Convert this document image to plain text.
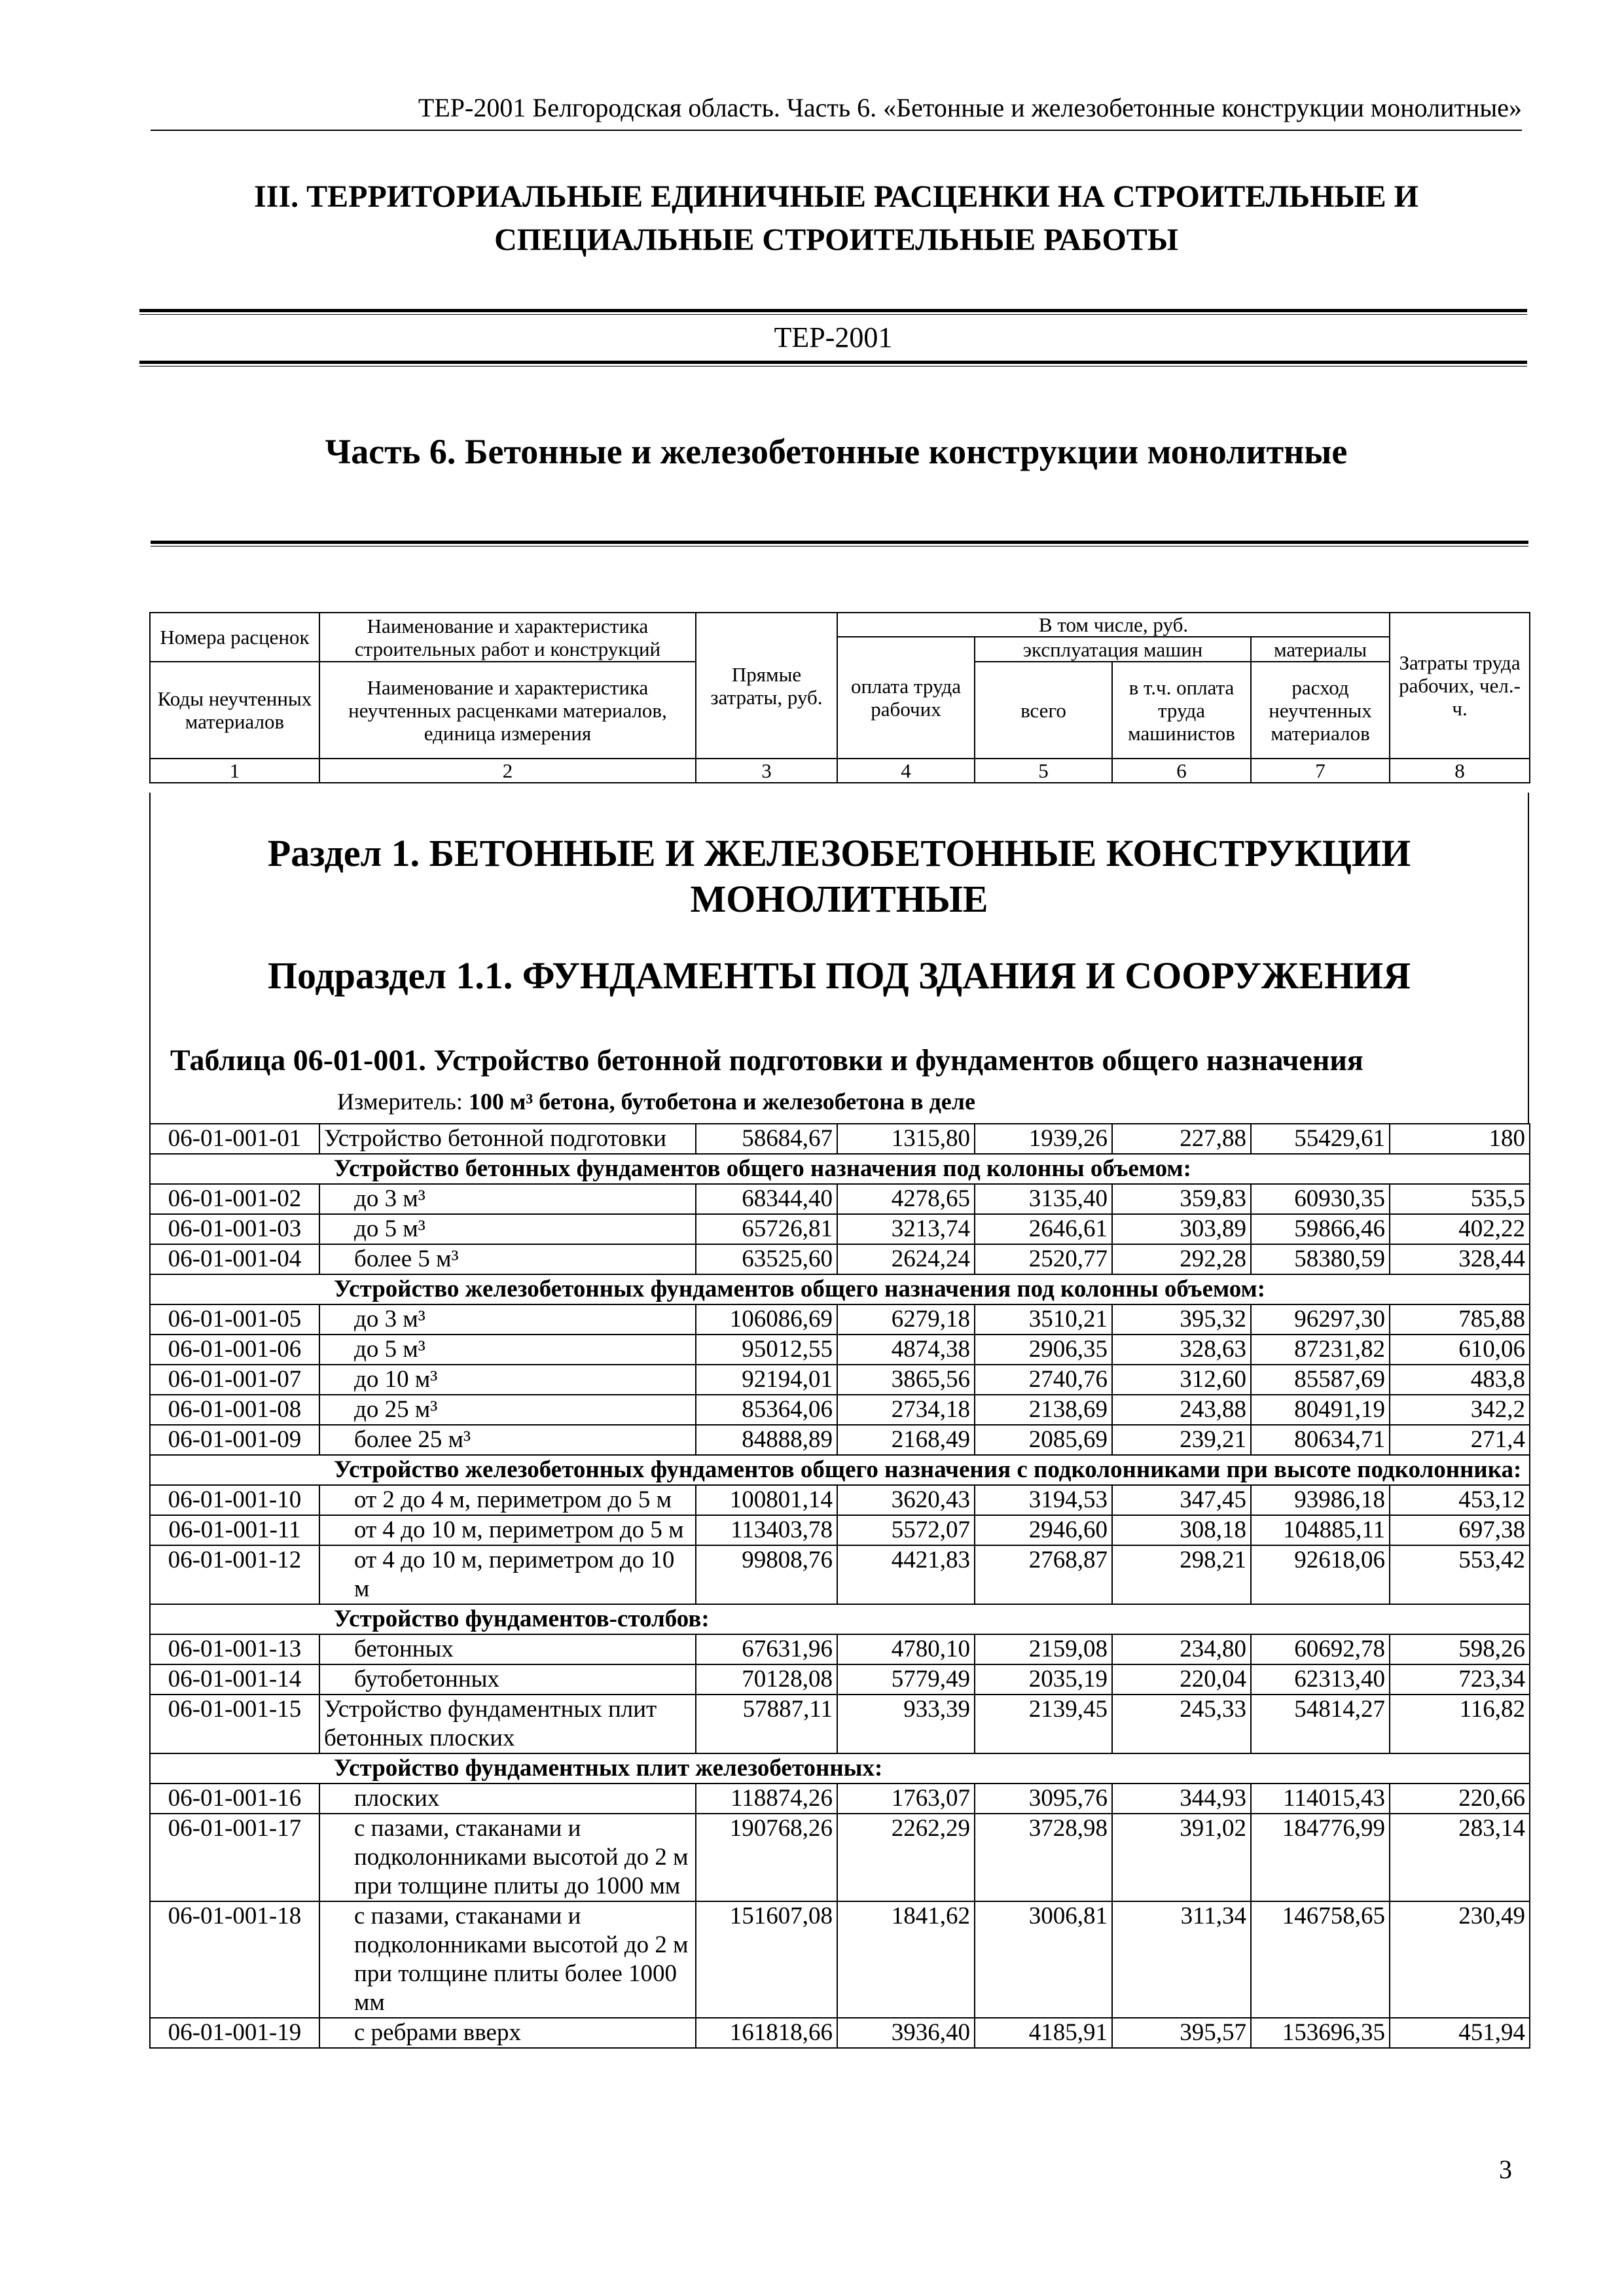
ТЕР-2001 Белгородская область. Часть 6. «Бетонные и железобетонные конструкции монолитные»
III. ТЕРРИТОРИАЛЬНЫЕ ЕДИНИЧНЫЕ РАСЦЕНКИ НА СТРОИТЕЛЬНЫЕ И
СПЕЦИАЛЬНЫЕ СТРОИТЕЛЬНЫЕ РАБОТЫ
ТЕР-2001
Часть 6. Бетонные и железобетонные конструкции монолитные
Номера расценок	Наименование и характеристика строительных работ и конструкций	Прямые затраты, руб.	В том числе, руб.				Затраты труда рабочих, чел.-ч.
			оплата труда рабочих	эксплуатация машин		материалы	
Коды неучтенных материалов	Наименование и характеристика неучтенных расценками материалов, единица измерения			всего	в т.ч. оплата труда машинистов	расход неучтенных материалов	

1	2	3	4	5	6	7	8
Раздел 1. БЕТОННЫЕ И ЖЕЛЕЗОБЕТОННЫЕ КОНСТРУКЦИИ
МОНОЛИТНЫЕ
Подраздел 1.1. ФУНДАМЕНТЫ ПОД ЗДАНИЯ И СООРУЖЕНИЯ
Таблица 06-01-001. Устройство бетонной подготовки и фундаментов общего назначения
Измеритель: 100 м³ бетона, бутобетона и железобетона в деле
06-01-001-01	Устройство бетонной подготовки	58684,67	1315,80	1939,26	227,88	55429,61	180
Устройство бетонных фундаментов общего назначения под колонны объемом:							
06-01-001-02	до 3 м³	68344,40	4278,65	3135,40	359,83	60930,35	535,5
06-01-001-03	до 5 м³	65726,81	3213,74	2646,61	303,89	59866,46	402,22
06-01-001-04	более 5 м³	63525,60	2624,24	2520,77	292,28	58380,59	328,44
Устройство железобетонных фундаментов общего назначения под колонны объемом:							
06-01-001-05	до 3 м³	106086,69	6279,18	3510,21	395,32	96297,30	785,88
06-01-001-06	до 5 м³	95012,55	4874,38	2906,35	328,63	87231,82	610,06
06-01-001-07	до 10 м³	92194,01	3865,56	2740,76	312,60	85587,69	483,8
06-01-001-08	до 25 м³	85364,06	2734,18	2138,69	243,88	80491,19	342,2
06-01-001-09	более 25 м³	84888,89	2168,49	2085,69	239,21	80634,71	271,4
Устройство железобетонных фундаментов общего назначения с подколонниками при высоте подколонника:							
06-01-001-10	от 2 до 4 м, периметром до 5 м	100801,14	3620,43	3194,53	347,45	93986,18	453,12
06-01-001-11	от 4 до 10 м, периметром до 5 м	113403,78	5572,07	2946,60	308,18	104885,11	697,38
06-01-001-12	от 4 до 10 м, периметром до 10 м	99808,76	4421,83	2768,87	298,21	92618,06	553,42
Устройство фундаментов-столбов:							
06-01-001-13	бетонных	67631,96	4780,10	2159,08	234,80	60692,78	598,26
06-01-001-14	бутобетонных	70128,08	5779,49	2035,19	220,04	62313,40	723,34
06-01-001-15	Устройство фундаментных плит бетонных плоских	57887,11	933,39	2139,45	245,33	54814,27	116,82
Устройство фундаментных плит железобетонных:							
06-01-001-16	плоских	118874,26	1763,07	3095,76	344,93	114015,43	220,66
06-01-001-17	с пазами, стаканами и подколонниками высотой до 2 м при толщине плиты до 1000 мм	190768,26	2262,29	3728,98	391,02	184776,99	283,14
06-01-001-18	с пазами, стаканами и подколонниками высотой до 2 м при толщине плиты более 1000 мм	151607,08	1841,62	3006,81	311,34	146758,65	230,49
06-01-001-19	с ребрами вверх	161818,66	3936,40	4185,91	395,57	153696,35	451,94
3
